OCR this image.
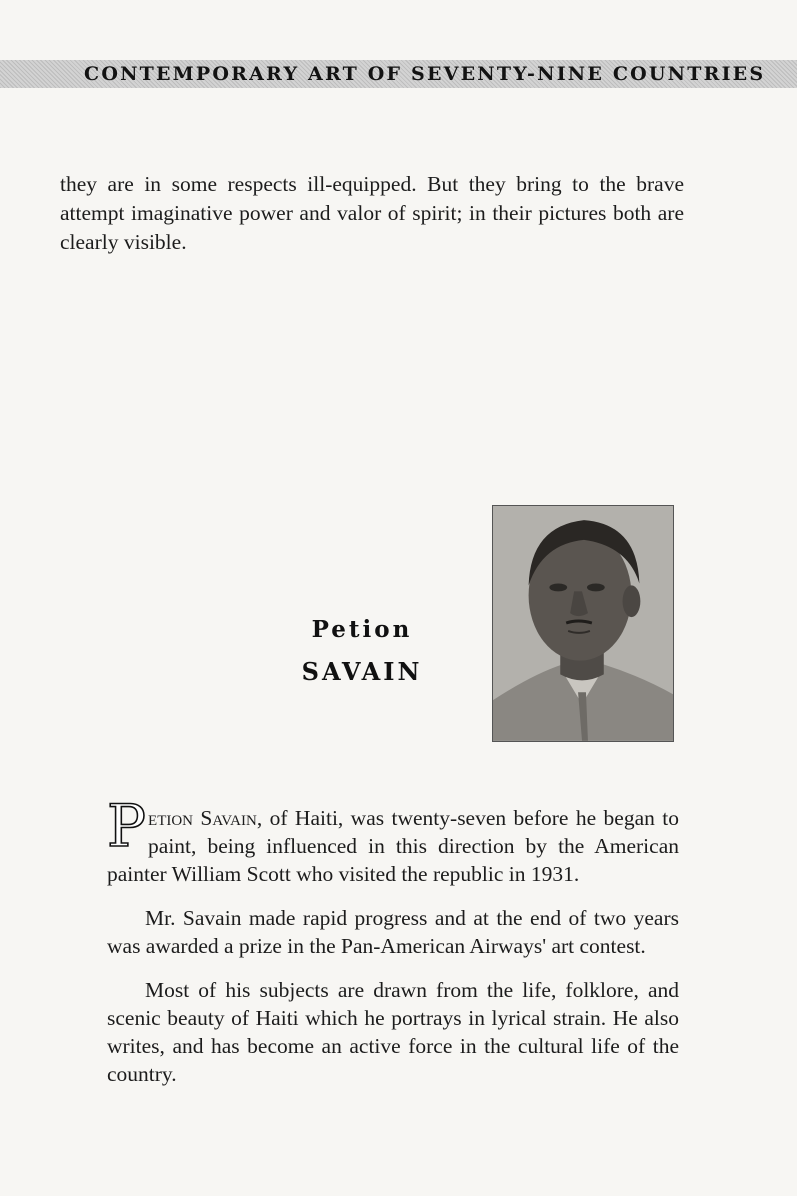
CONTEMPORARY ART OF SEVENTY-NINE COUNTRIES

they are in some respects ill-equipped. But they bring to the brave attempt imaginative power and valor of spirit; in their pictures both are clearly visible.

Petion
SAVAIN

Petion Savain, of Haiti, was twenty-seven before he began to paint, being influenced in this direction by the American painter William Scott who visited the republic in 1931.

Mr. Savain made rapid progress and at the end of two years was awarded a prize in the Pan-American Airways' art contest.

Most of his subjects are drawn from the life, folklore, and scenic beauty of Haiti which he portrays in lyrical strain. He also writes, and has become an active force in the cultural life of the country.
